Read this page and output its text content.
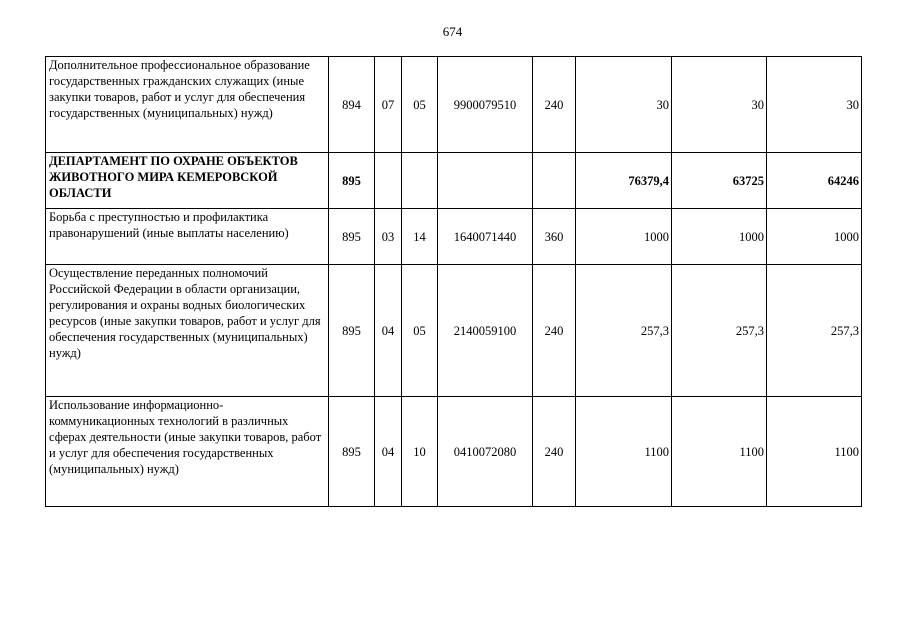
674
Дополнительное профессиональное образование государственных гражданских служащих (иные закупки товаров, работ и услуг для обеспечения государственных (муниципальных) нужд)	894	07	05	9900079510	240	30	30	30
ДЕПАРТАМЕНТ ПО ОХРАНЕ ОБЪЕКТОВ ЖИВОТНОГО МИРА КЕМЕРОВСКОЙ ОБЛАСТИ	895					76379,4	63725	64246
Борьба с преступностью и профилактика правонарушений (иные выплаты населению)	895	03	14	1640071440	360	1000	1000	1000
Осуществление переданных полномочий Российской Федерации в области организации, регулирования и охраны водных биологических ресурсов (иные закупки товаров, работ и услуг для обеспечения государственных (муниципальных) нужд)	895	04	05	2140059100	240	257,3	257,3	257,3
Использование информационно-коммуникационных технологий в различных сферах деятельности (иные закупки товаров, работ и услуг для обеспечения государственных (муниципальных) нужд)	895	04	10	0410072080	240	1100	1100	1100
